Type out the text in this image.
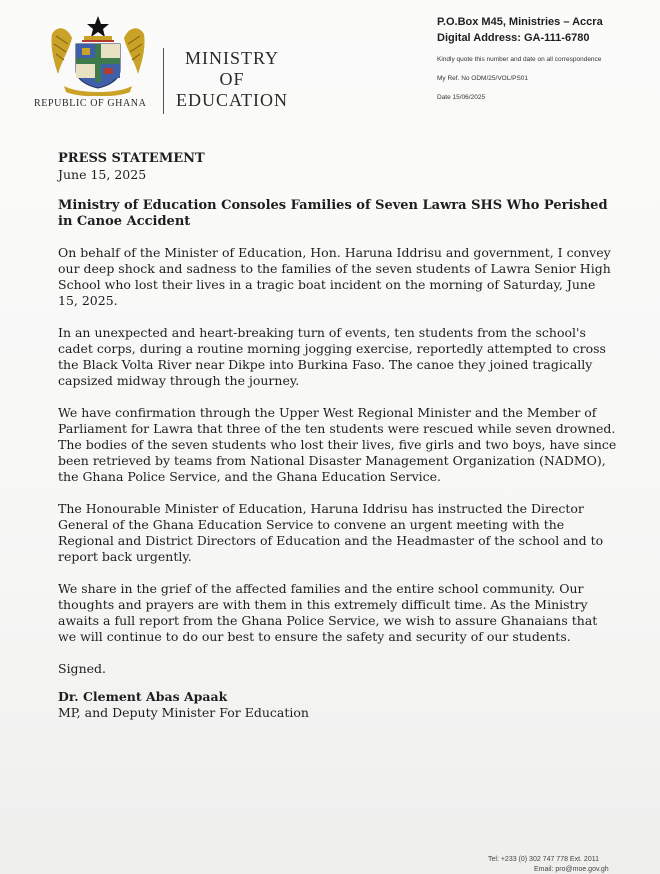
REPUBLIC OF GHANA
MINISTRY
OF
EDUCATION
P.O.Box M45, Ministries – Accra
Digital Address: GA-111-6780
Kindly quote this number and date on all correspondence
My Ref. No ODM/25/VOL/PS01
Date 15/06/2025
PRESS STATEMENT
June 15, 2025
Ministry of Education Consoles Families of Seven Lawra SHS Who Perished in Canoe Accident

On behalf of the Minister of Education, Hon. Haruna Iddrisu and government, I convey our deep shock and sadness to the families of the seven students of Lawra Senior High School who lost their lives in a tragic boat incident on the morning of Saturday, June 15, 2025.

In an unexpected and heart-breaking turn of events, ten students from the school's cadet corps, during a routine morning jogging exercise, reportedly attempted to cross the Black Volta River near Dikpe into Burkina Faso. The canoe they joined tragically capsized midway through the journey.

We have confirmation through the Upper West Regional Minister and the Member of Parliament for Lawra that three of the ten students were rescued while seven drowned. The bodies of the seven students who lost their lives, five girls and two boys, have since been retrieved by teams from National Disaster Management Organization (NADMO), the Ghana Police Service, and the Ghana Education Service.

The Honourable Minister of Education, Haruna Iddrisu has instructed the Director General of the Ghana Education Service to convene an urgent meeting with the Regional and District Directors of Education and the Headmaster of the school and to report back urgently.

We share in the grief of the affected families and the entire school community. Our thoughts and prayers are with them in this extremely difficult time. As the Ministry awaits a full report from the Ghana Police Service, we wish to assure Ghanaians that we will continue to do our best to ensure the safety and security of our students.

Signed.

Dr. Clement Abas Apaak
MP, and Deputy Minister For Education
Tel: +233 (0) 302 747 778 Ext. 2011
Email: pro@moe.gov.gh
